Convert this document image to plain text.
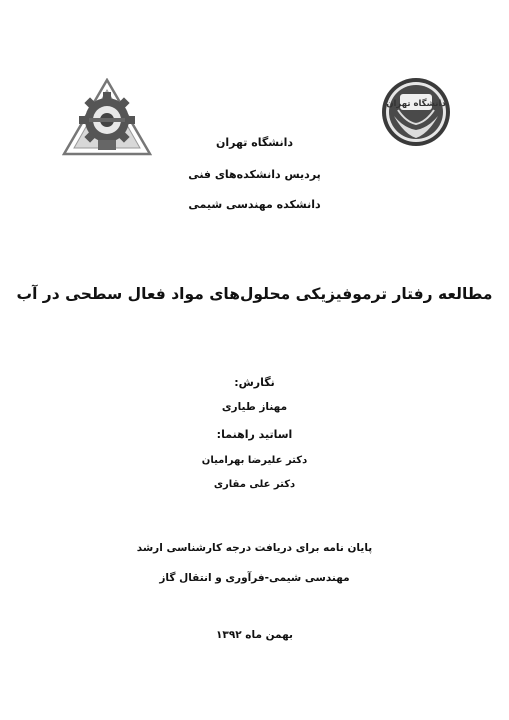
دانشگاه تهران
دانشگاه تهران
پردیس دانشکده‌های فنی
دانشکده مهندسی شیمی
مطالعه رفتار ترموفیزیکی محلول‌های مواد فعال سطحی در آب
نگارش:
مهناز طیاری
اساتید راهنما:
دکتر علیرضا بهرامیان
دکتر علی مقاری
پایان نامه برای دریافت درجه کارشناسی ارشد
مهندسی شیمی-فرآوری و انتقال گاز
بهمن ماه ۱۳۹۲
